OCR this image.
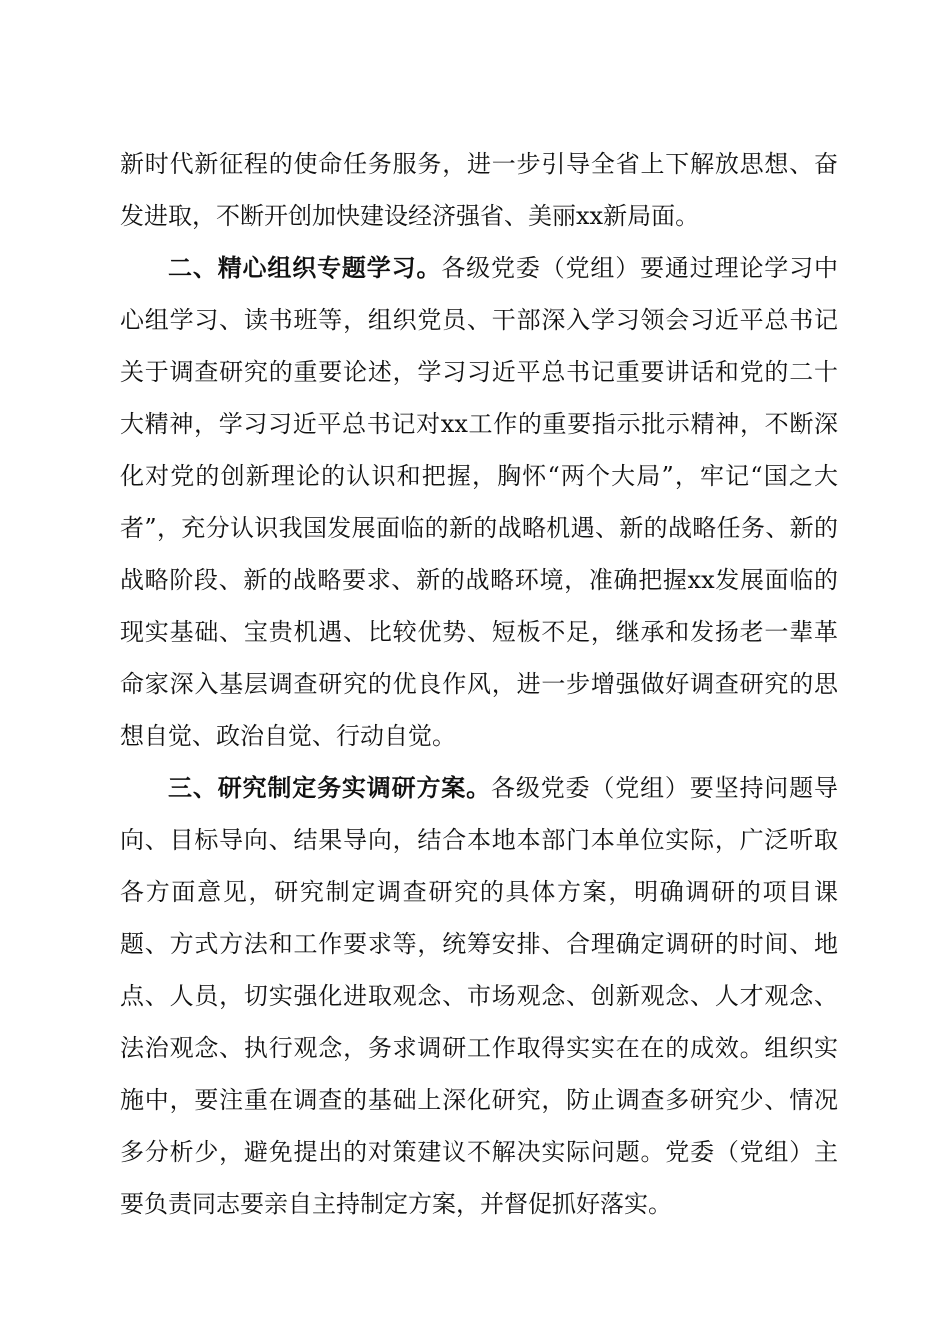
新时代新征程的使命任务服务，进一步引导全省上下解放思想、奋发进取，不断开创加快建设经济强省、美丽xx新局面。

二、精心组织专题学习。各级党委（党组）要通过理论学习中心组学习、读书班等，组织党员、干部深入学习领会习近平总书记关于调查研究的重要论述，学习习近平总书记重要讲话和党的二十大精神，学习习近平总书记对xx工作的重要指示批示精神，不断深化对党的创新理论的认识和把握，胸怀“两个大局”，牢记“国之大者”，充分认识我国发展面临的新的战略机遇、新的战略任务、新的战略阶段、新的战略要求、新的战略环境，准确把握xx发展面临的现实基础、宝贵机遇、比较优势、短板不足，继承和发扬老一辈革命家深入基层调查研究的优良作风，进一步增强做好调查研究的思想自觉、政治自觉、行动自觉。

三、研究制定务实调研方案。各级党委（党组）要坚持问题导向、目标导向、结果导向，结合本地本部门本单位实际，广泛听取各方面意见，研究制定调查研究的具体方案，明确调研的项目课题、方式方法和工作要求等，统筹安排、合理确定调研的时间、地点、人员，切实强化进取观念、市场观念、创新观念、人才观念、法治观念、执行观念，务求调研工作取得实实在在的成效。组织实施中，要注重在调查的基础上深化研究，防止调查多研究少、情况多分析少，避免提出的对策建议不解决实际问题。党委（党组）主要负责同志要亲自主持制定方案，并督促抓好落实。
